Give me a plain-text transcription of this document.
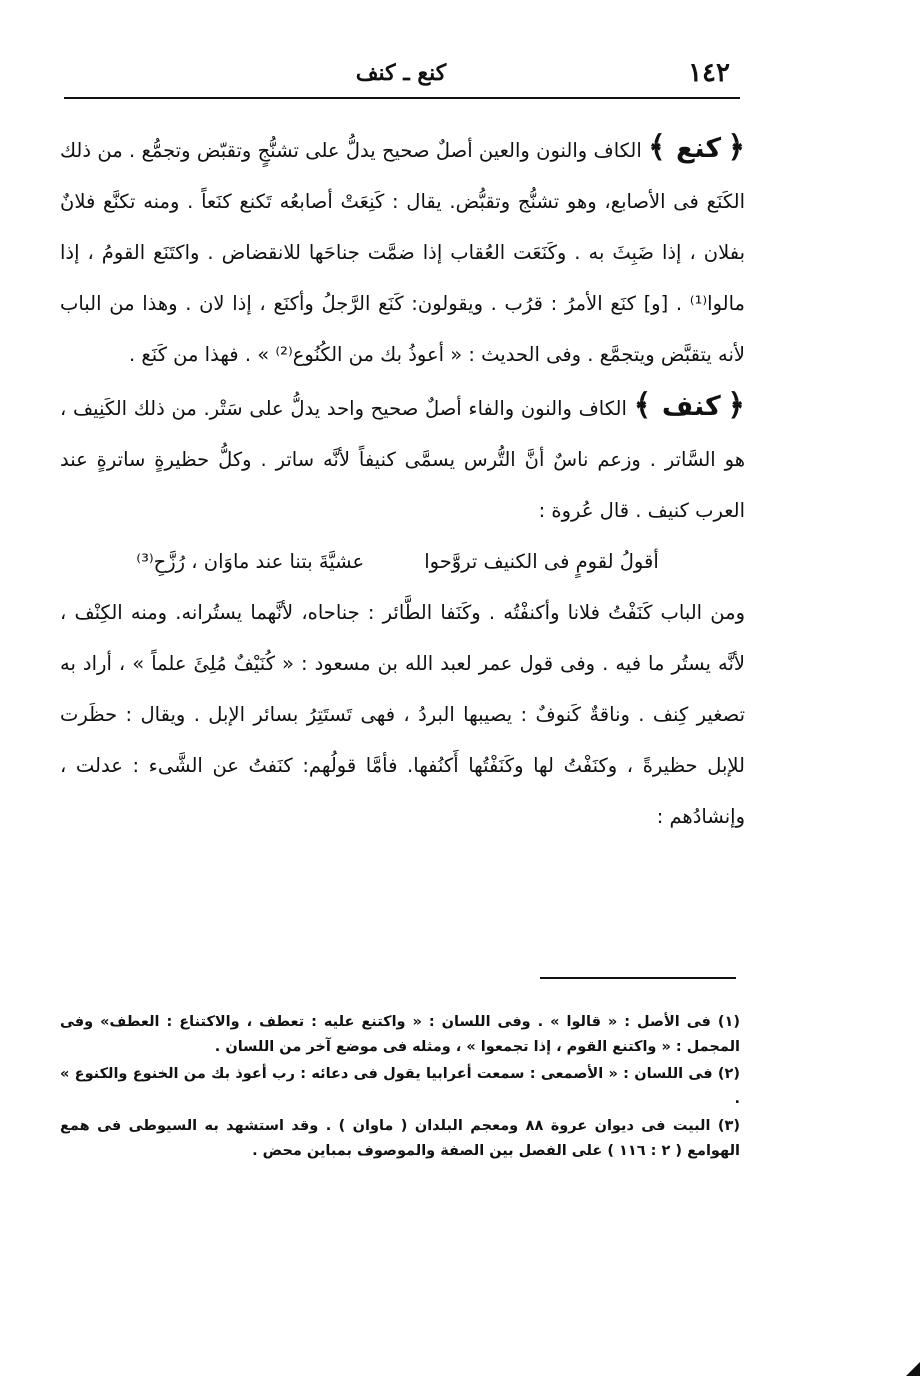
١٤٢
كنع ـ كنف

﴿ كنع ﴾ الكاف والنون والعين أصلٌ صحيح يدلُّ على تشنُّجٍ وتقبّض وتجمُّع . من ذلك الكَنَع فى الأصابع، وهو تشنُّج وتقبُّض. يقال : كَنِعَتْ أصابعُه تَكنع كنَعاً . ومنه تكنَّع فلانٌ بفلان ، إذا ضَبِثَ به . وكَنَعَت العُقاب إذا ضمَّت جناحَها للانقضاض . واكتَنَع القومُ ، إذا مالوا⁽¹⁾ . [و] كنَع الأمرُ : قرُب . ويقولون: كَنَع الرَّجلُ وأكنَع ، إذا لان . وهذا من الباب لأنه يتقبَّض ويتجمَّع . وفى الحديث : « أعوذُ بك من الكُنُوع⁽²⁾ » . فهذا من كَنَع .

﴿ كنف ﴾ الكاف والنون والفاء أصلٌ صحيح واحد يدلُّ على سَتْر. من ذلك الكَنِيف ، هو السَّاتر . وزعم ناسٌ أنَّ التُّرس يسمَّى كنيفاً لأنَّه ساتر . وكلُّ حظيرةٍ ساترةٍ عند العرب كنيف . قال عُروة :

أقولُ لقومٍ فى الكنيف تروَّحوا
عشيَّةَ بتنا عند ماوَان ، رُزَّحِ⁽³⁾

ومن الباب كَنَفْتُ فلانا وأكنفْتُه . وكَنَفا الطَّائر : جناحاه، لأنَّهما يستُرانه. ومنه الكِنْف ، لأنَّه يستُر ما فيه . وفى قول عمر لعبد الله بن مسعود : « كُنَيْفٌ مُلِئَ علماً » ، أراد به تصغير كِنف . وناقةٌ كَنوفٌ : يصيبها البردُ ، فهى تَستَتِرُ بسائر الإبل . ويقال : حظَرت للإبل حظيرةً ، وكنَفْتُ لها وكَنَفْتُها أَكنُفها. فأمَّا قولُهم: كنَفتُ عن الشَّىء : عدلت ، وإنشادُهم :

(١) فى الأصل : « قالوا » . وفى اللسان : « واكتنع عليه : تعطف ، والاكتناع : العطف» وفى المجمل : « واكتنع القوم ، إذا تجمعوا » ، ومثله فى موضع آخر من اللسان .

(٢) فى اللسان : « الأصمعى : سمعت أعرابيا يقول فى دعائه : رب أعوذ بك من الخنوع والكنوع » .

(٣) البيت فى ديوان عروة ٨٨ ومعجم البلدان ( ماوان ) . وقد استشهد به السيوطى فى همع الهوامع ( ٢ : ١١٦ ) على الفصل بين الصفة والموصوف بمباين محض .
